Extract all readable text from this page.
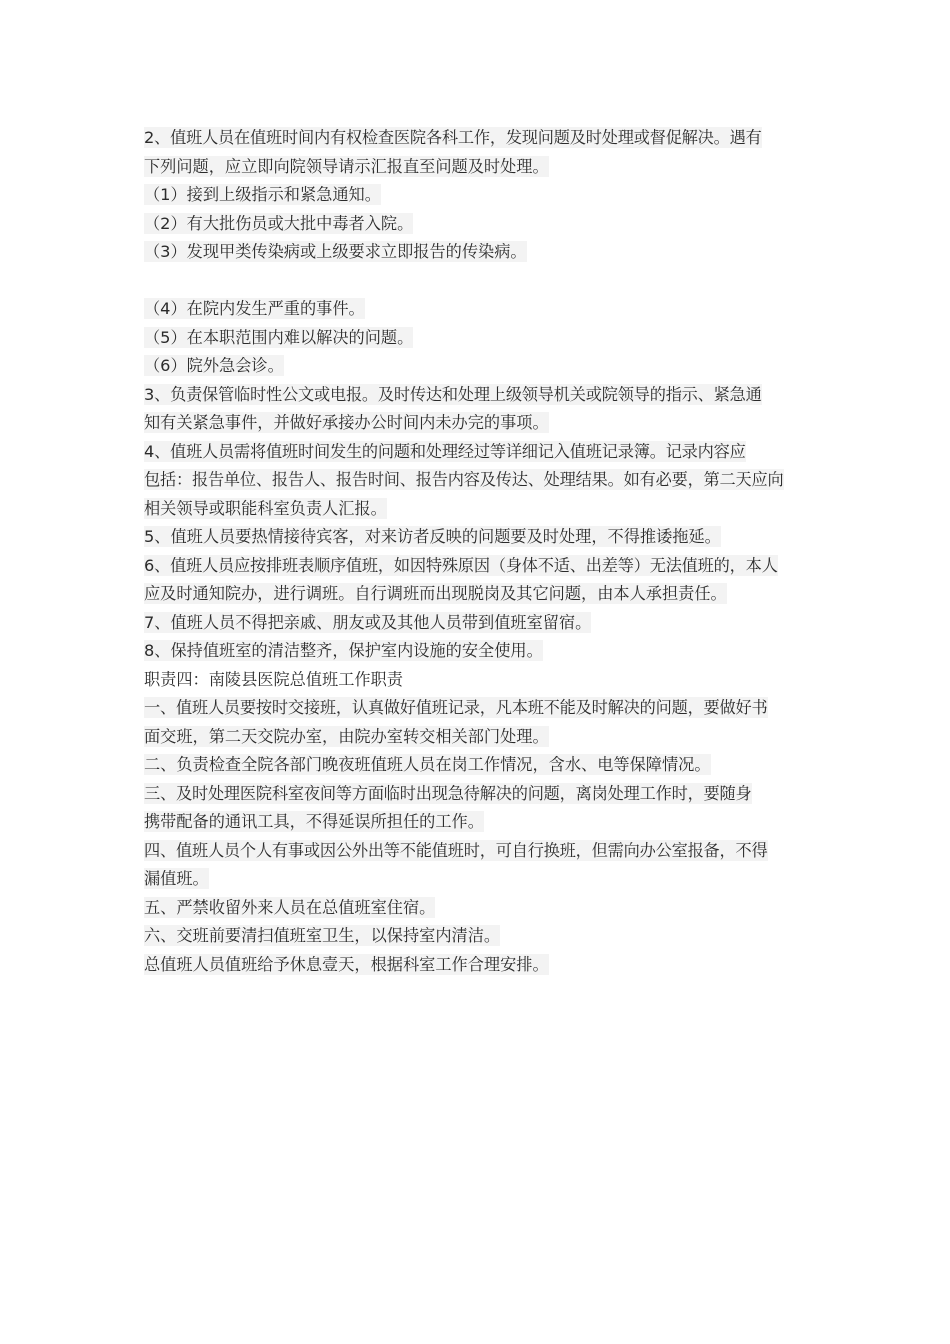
2、值班人员在值班时间内有权检查医院各科工作，发现问题及时处理或督促解决。遇有
下列问题，应立即向院领导请示汇报直至问题及时处理。
（1）接到上级指示和紧急通知。
（2）有大批伤员或大批中毒者入院。
（3）发现甲类传染病或上级要求立即报告的传染病。
（4）在院内发生严重的事件。
（5）在本职范围内难以解决的问题。
（6）院外急会诊。
3、负责保管临时性公文或电报。及时传达和处理上级领导机关或院领导的指示、紧急通
知有关紧急事件，并做好承接办公时间内未办完的事项。
4、值班人员需将值班时间发生的问题和处理经过等详细记入值班记录簿。记录内容应
包括：报告单位、报告人、报告时间、报告内容及传达、处理结果。如有必要，第二天应向
相关领导或职能科室负责人汇报。
5、值班人员要热情接待宾客，对来访者反映的问题要及时处理，不得推诿拖延。
6、值班人员应按排班表顺序值班，如因特殊原因（身体不适、出差等）无法值班的，本人
应及时通知院办，进行调班。自行调班而出现脱岗及其它问题，由本人承担责任。
7、值班人员不得把亲戚、朋友或及其他人员带到值班室留宿。
8、保持值班室的清洁整齐，保护室内设施的安全使用。
职责四：南陵县医院总值班工作职责
一、值班人员要按时交接班，认真做好值班记录，凡本班不能及时解决的问题，要做好书
面交班，第二天交院办室，由院办室转交相关部门处理。
二、负责检查全院各部门晚夜班值班人员在岗工作情况，含水、电等保障情况。
三、及时处理医院科室夜间等方面临时出现急待解决的问题，离岗处理工作时，要随身
携带配备的通讯工具，不得延误所担任的工作。
四、值班人员个人有事或因公外出等不能值班时，可自行换班，但需向办公室报备，不得
漏值班。
五、严禁收留外来人员在总值班室住宿。
六、交班前要清扫值班室卫生，以保持室内清洁。
总值班人员值班给予休息壹天，根据科室工作合理安排。
